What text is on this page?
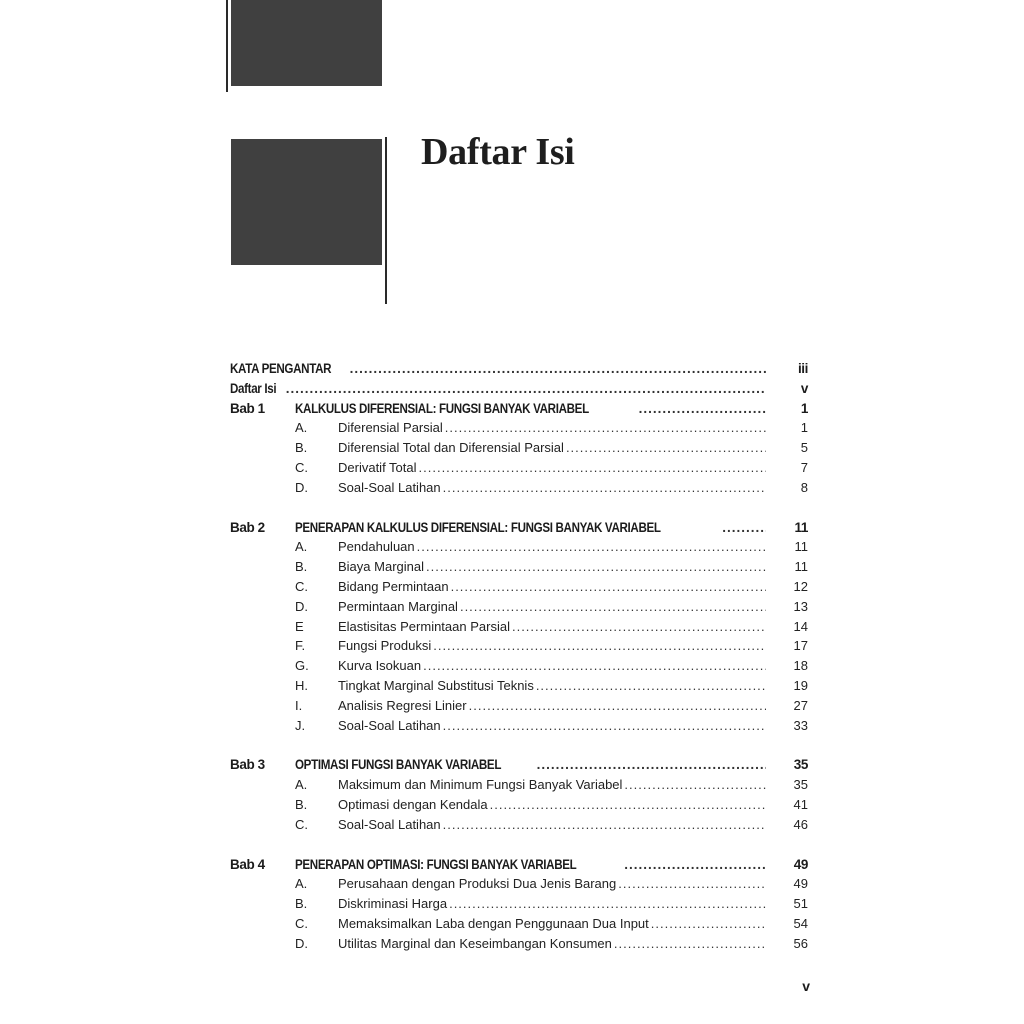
Daftar Isi
KATA PENGANTAR .....	iii
Daftar Isi .....	v
Bab 1	KALKULUS DIFERENSIAL: FUNGSI BANYAK VARIABEL .....	1
A.	Diferensial Parsial .....	1
B.	Diferensial Total dan Diferensial Parsial .....	5
C.	Derivatif Total .....	7
D.	Soal-Soal Latihan .....	8
Bab 2	PENERAPAN KALKULUS DIFERENSIAL: FUNGSI BANYAK VARIABEL .....	11
A.	Pendahuluan .....	11
B.	Biaya Marginal .....	11
C.	Bidang Permintaan .....	12
D.	Permintaan Marginal .....	13
E	Elastisitas Permintaan Parsial .....	14
F.	Fungsi Produksi .....	17
G.	Kurva Isokuan .....	18
H.	Tingkat Marginal Substitusi Teknis .....	19
I.	Analisis Regresi Linier .....	27
J.	Soal-Soal Latihan .....	33
Bab 3	OPTIMASI FUNGSI BANYAK VARIABEL .....	35
A.	Maksimum dan Minimum Fungsi Banyak Variabel .....	35
B.	Optimasi dengan Kendala .....	41
C.	Soal-Soal Latihan .....	46
Bab 4	PENERAPAN OPTIMASI: FUNGSI BANYAK VARIABEL .....	49
A.	Perusahaan dengan Produksi Dua Jenis Barang .....	49
B.	Diskriminasi Harga .....	51
C.	Memaksimalkan Laba dengan Penggunaan Dua Input .....	54
D.	Utilitas Marginal dan Keseimbangan Konsumen .....	56
v
